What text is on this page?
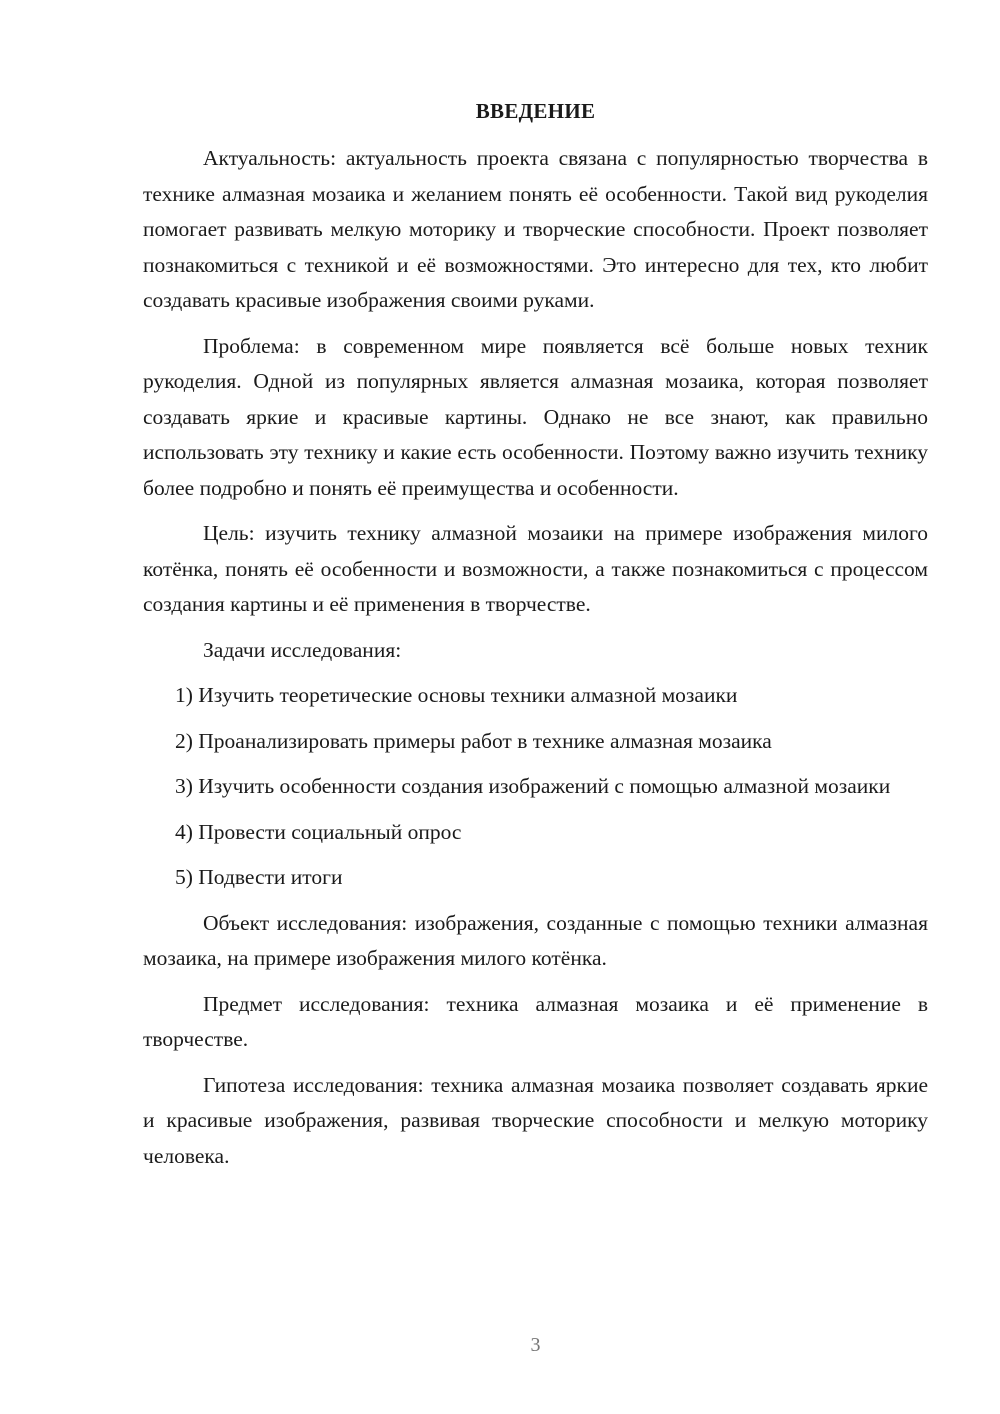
ВВЕДЕНИЕ

Актуальность: актуальность проекта связана с популярностью творчества в технике алмазная мозаика и желанием понять её особенности. Такой вид рукоделия помогает развивать мелкую моторику и творческие способности. Проект позволяет познакомиться с техникой и её возможностями. Это интересно для тех, кто любит создавать красивые изображения своими руками.

Проблема: в современном мире появляется всё больше новых техник рукоделия. Одной из популярных является алмазная мозаика, которая позволяет создавать яркие и красивые картины. Однако не все знают, как правильно использовать эту технику и какие есть особенности. Поэтому важно изучить технику более подробно и понять её преимущества и особенности.

Цель: изучить технику алмазной мозаики на примере изображения милого котёнка, понять её особенности и возможности, а также познакомиться с процессом создания картины и её применения в творчестве.

Задачи исследования:

1) Изучить теоретические основы техники алмазной мозаики

2) Проанализировать примеры работ в технике алмазная мозаика

3) Изучить особенности создания изображений с помощью алмазной мозаики

4) Провести социальный опрос

5) Подвести итоги

Объект исследования: изображения, созданные с помощью техники алмазная мозаика, на примере изображения милого котёнка.

Предмет исследования: техника алмазная мозаика и её применение в творчестве.

Гипотеза исследования: техника алмазная мозаика позволяет создавать яркие и красивые изображения, развивая творческие способности и мелкую моторику человека.

3
